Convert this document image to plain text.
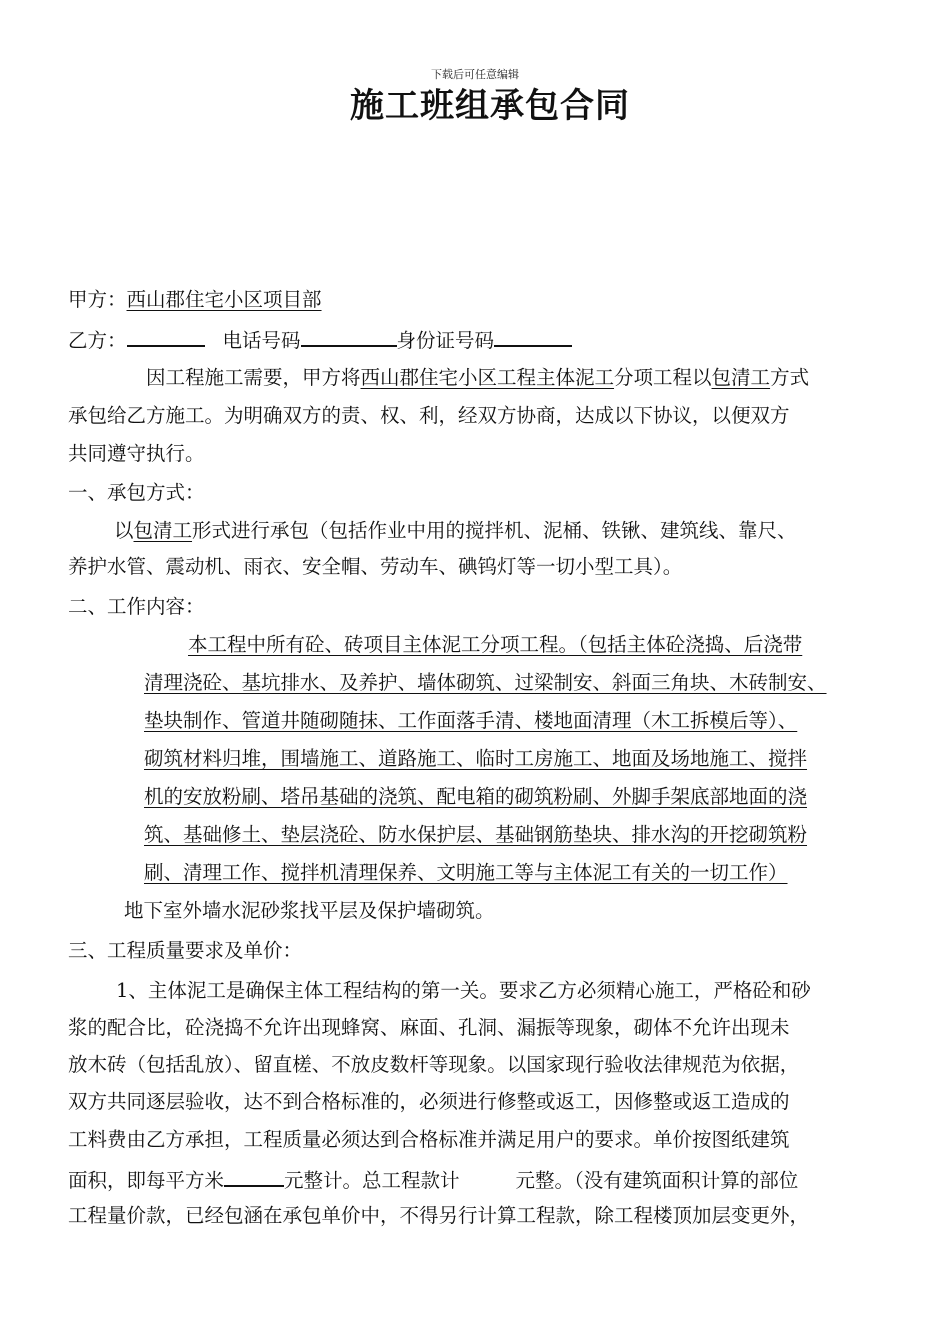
下载后可任意编辑
施工班组承包合同
甲方：西山郡住宅小区项目部
乙方：	电话号码	身份证号码
因工程施工需要，甲方将西山郡住宅小区工程主体泥工分项工程以包清工方式
承包给乙方施工。为明确双方的责、权、利，经双方协商，达成以下协议，以便双方
共同遵守执行。
一、承包方式：
以包清工形式进行承包（包括作业中用的搅拌机、泥桶、铁锹、建筑线、靠尺、
养护水管、震动机、雨衣、安全帽、劳动车、碘钨灯等一切小型工具）。
二、工作内容：
本工程中所有砼、砖项目主体泥工分项工程。（包括主体砼浇捣、后浇带
清理浇砼、基坑排水、及养护、墙体砌筑、过梁制安、斜面三角块、木砖制安、
垫块制作、管道井随砌随抹、工作面落手清、楼地面清理（木工拆模后等）、
砌筑材料归堆，围墙施工、道路施工、临时工房施工、地面及场地施工、搅拌
机的安放粉刷、塔吊基础的浇筑、配电箱的砌筑粉刷、外脚手架底部地面的浇
筑、基础修土、垫层浇砼、防水保护层、基础钢筋垫块、排水沟的开挖砌筑粉
刷、清理工作、搅拌机清理保养、文明施工等与主体泥工有关的一切工作）
地下室外墙水泥砂浆找平层及保护墙砌筑。
三、工程质量要求及单价：
1、主体泥工是确保主体工程结构的第一关。要求乙方必须精心施工，严格砼和砂
浆的配合比，砼浇捣不允许出现蜂窝、麻面、孔洞、漏振等现象，砌体不允许出现未
放木砖（包括乱放）、留直槎、不放皮数杆等现象。以国家现行验收法律规范为依据，
双方共同逐层验收，达不到合格标准的，必须进行修整或返工，因修整或返工造成的
工料费由乙方承担，工程质量必须达到合格标准并满足用户的要求。单价按图纸建筑
面积，即每平方米	元整计。总工程款计	元整。（没有建筑面积计算的部位
工程量价款，已经包涵在承包单价中，不得另行计算工程款，除工程楼顶加层变更外，
